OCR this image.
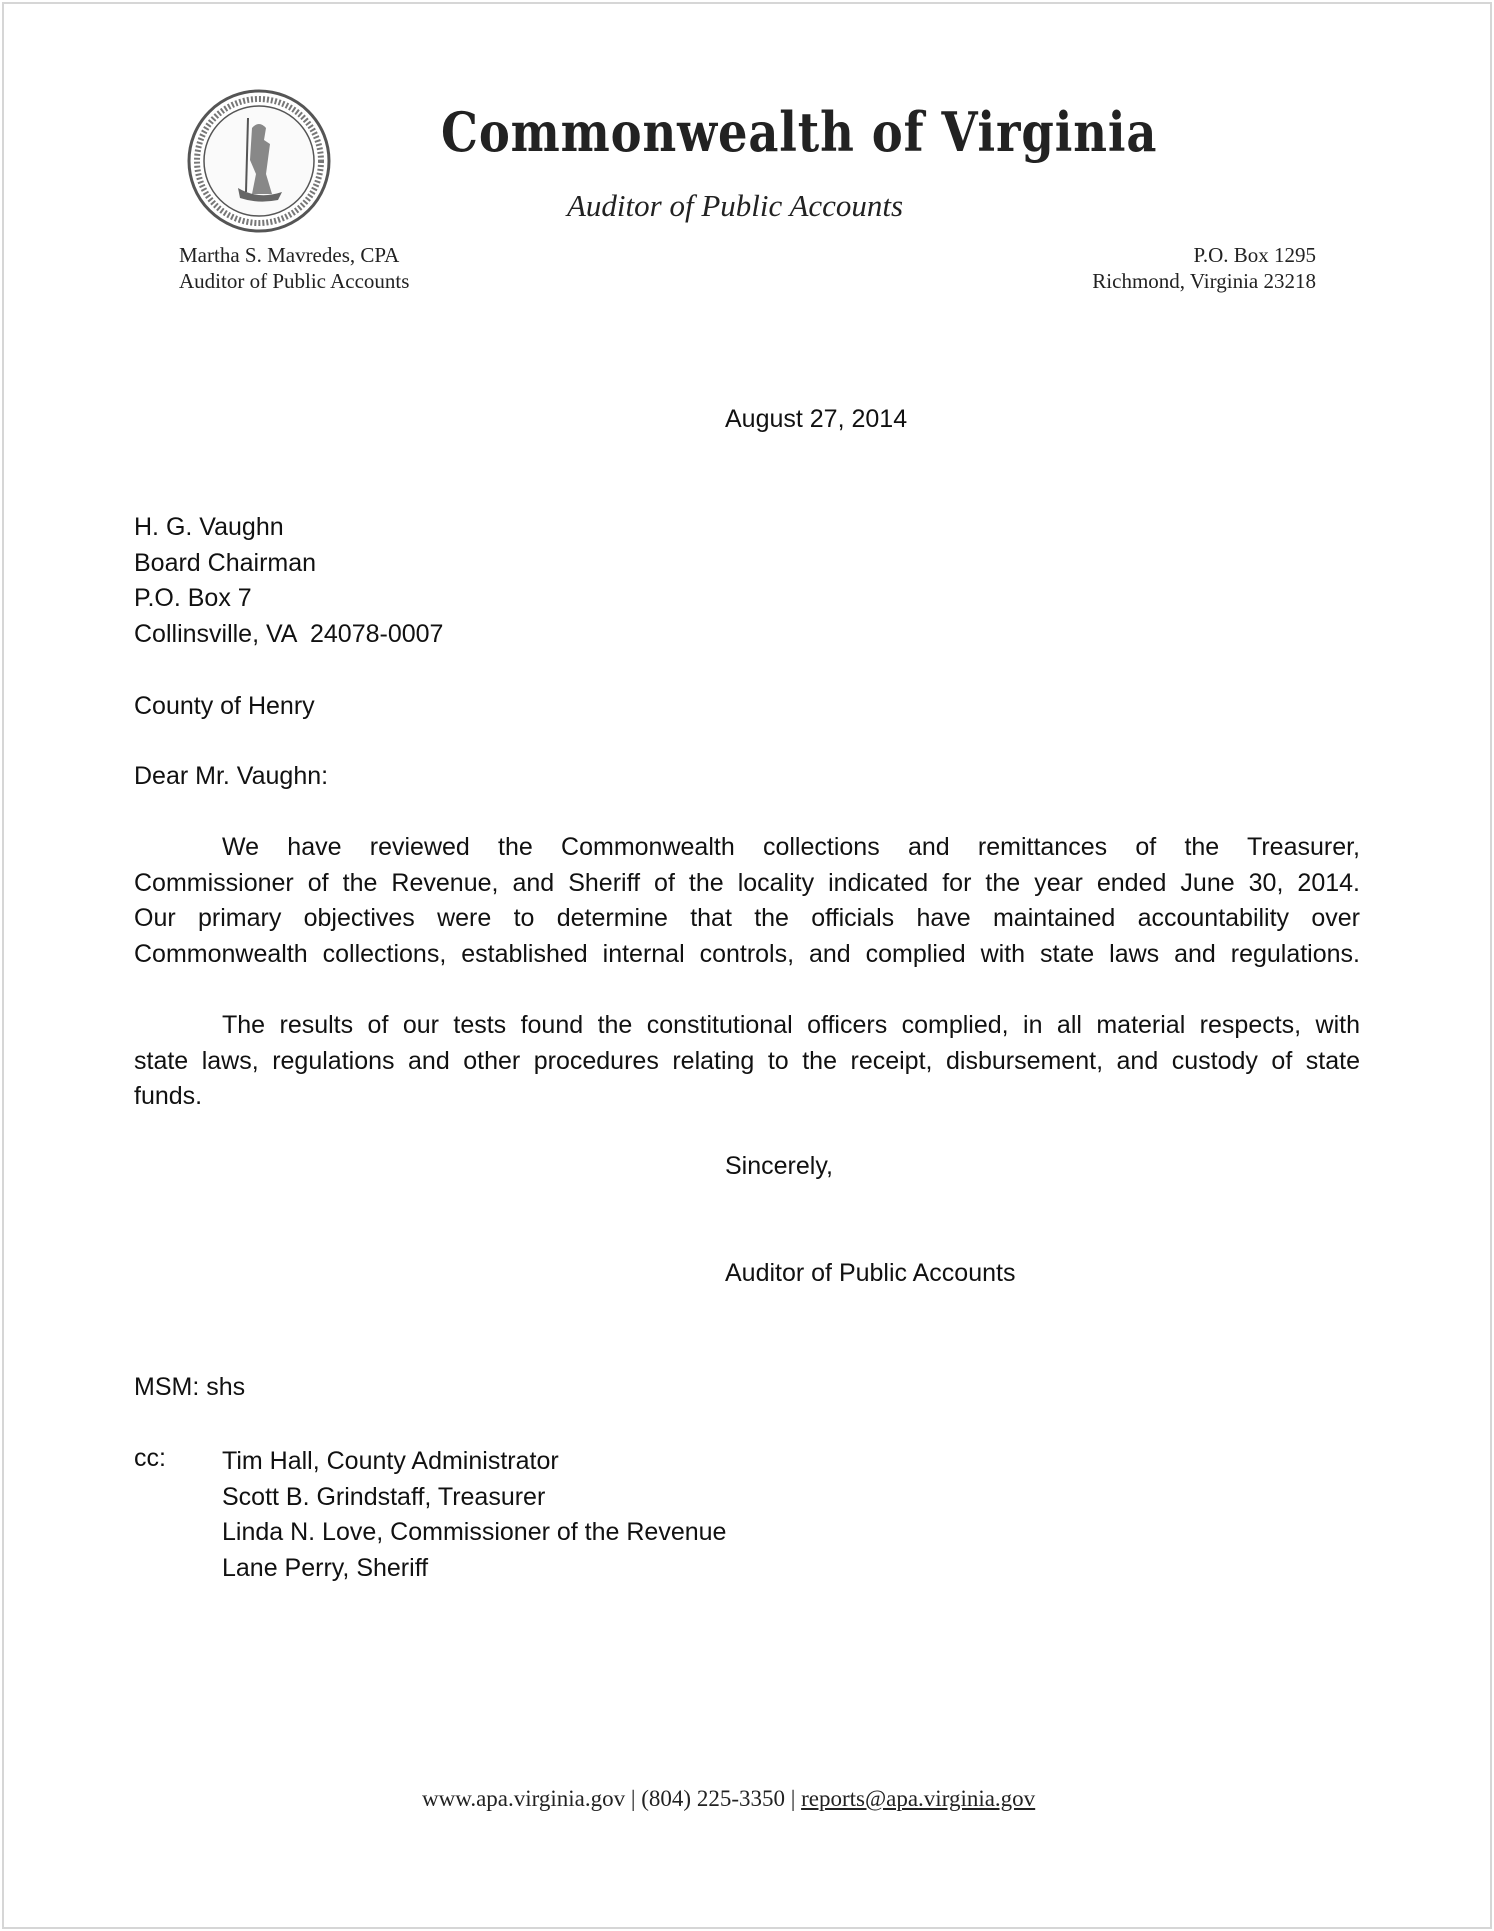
Commonwealth of Virginia
Auditor of Public Accounts
Martha S. Mavredes, CPA
Auditor of Public Accounts
P.O. Box 1295
Richmond, Virginia 23218
August 27, 2014
H. G. Vaughn
Board Chairman
P.O. Box 7
Collinsville, VA  24078-0007
County of Henry
Dear Mr. Vaughn:
We have reviewed the Commonwealth collections and remittances of the Treasurer,
Commissioner of the Revenue, and Sheriff of the locality indicated for the year ended June 30, 2014.
Our primary objectives were to determine that the officials have maintained accountability over
Commonwealth collections, established internal controls, and complied with state laws and regulations.
The results of our tests found the constitutional officers complied, in all material respects, with
state laws, regulations and other procedures relating to the receipt, disbursement, and custody of state
funds.
Sincerely,
Auditor of Public Accounts
MSM: shs
cc: Tim Hall, County Administrator
Scott B. Grindstaff, Treasurer
Linda N. Love, Commissioner of the Revenue
Lane Perry, Sheriff
www.apa.virginia.gov | (804) 225-3350 | reports@apa.virginia.gov
